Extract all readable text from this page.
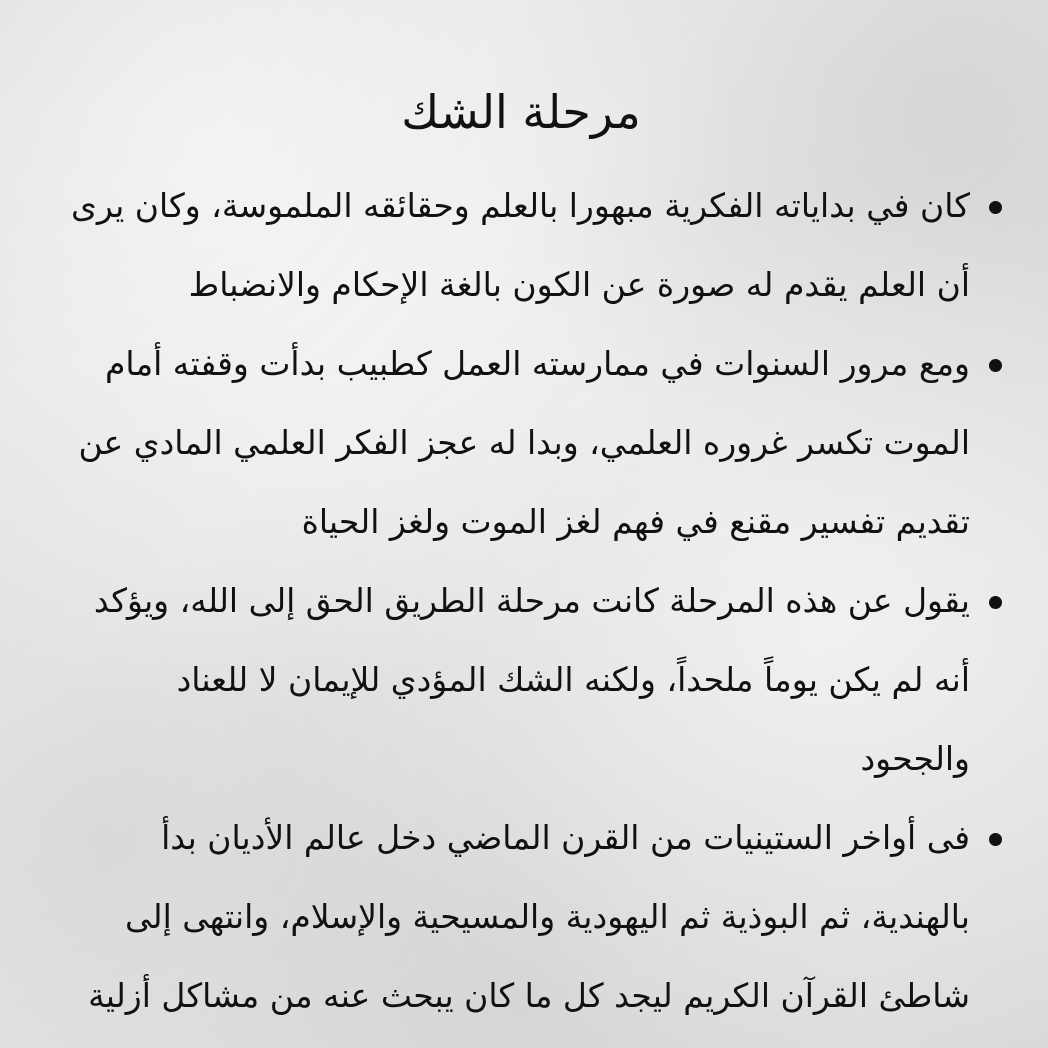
مرحلة الشك
كان في بداياته الفكرية مبهورا بالعلم وحقائقه الملموسة، وكان يرى
أن العلم يقدم له صورة عن الكون بالغة الإحكام والانضباط
ومع مرور السنوات في ممارسته العمل كطبيب بدأت وقفته أمام
الموت تكسر غروره العلمي، وبدا له عجز الفكر العلمي المادي عن
تقديم تفسير مقنع في فهم لغز الموت ولغز الحياة
يقول عن هذه المرحلة كانت مرحلة الطريق الحق إلى الله، ويؤكد
أنه لم يكن يوماً ملحداً، ولكنه الشك المؤدي للإيمان لا للعناد
والجحود
فى أواخر الستينيات من القرن الماضي دخل عالم الأديان بدأ
بالهندية، ثم البوذية ثم اليهودية والمسيحية والإسلام، وانتهى إلى
شاطئ القرآن الكريم ليجد كل ما كان يبحث عنه من مشاكل أزلية
